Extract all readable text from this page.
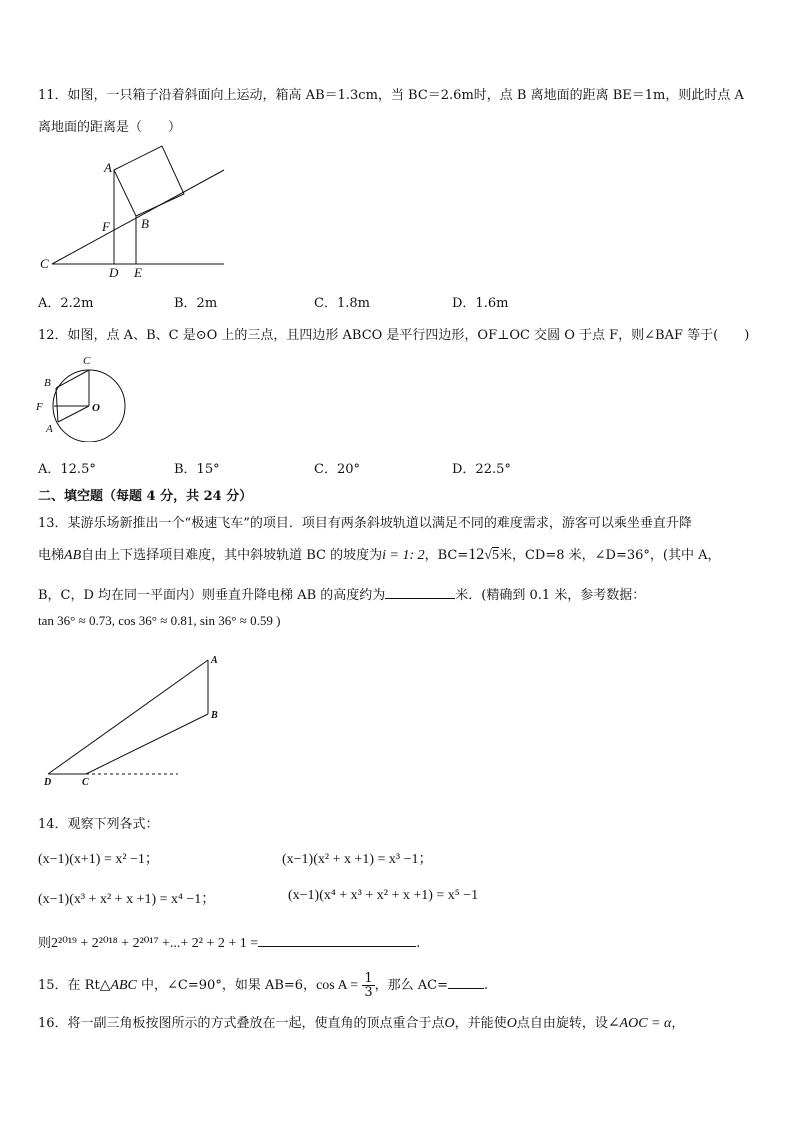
11．如图，一只箱子沿着斜面向上运动，箱高 AB＝1.3cm，当 BC＝2.6m时，点 B 离地面的距离 BE＝1m，则此时点 A
离地面的距离是（　　）
A
B
C
D E
F
A．2.2m	B．2m	C．1.8m	D．1.6m
12．如图，点 A、B、C 是⊙O 上的三点，且四边形 ABCO 是平行四边形，OF⊥OC 交圆 O 于点 F，则∠BAF 等于(　　)
C
B
F
A
O
A．12.5°	B．15°	C．20°	D．22.5°
二、填空题（每题 4 分，共 24 分）
13．某游乐场新推出一个“极速飞车”的项目．项目有两条斜坡轨道以满足不同的难度需求，游客可以乘坐垂直升降
电梯AB自由上下选择项目难度，其中斜坡轨道 BC 的坡度为i = 1: 2，BC=12√5米，CD=8 米，∠D=36°，(其中 A，
B，C，D 均在同一平面内）则垂直升降电梯 AB 的高度约为	米．(精确到 0.1 米，参考数据：
tan 36° ≈ 0.73, cos 36° ≈ 0.81, sin 36° ≈ 0.59 )
A
B
C
D
14．观察下列各式：
(x−1)(x+1) = x² −1；	(x−1)(x² + x +1) = x³ −1；
(x−1)(x³ + x² + x +1) = x⁴ −1；	(x−1)(x⁴ + x³ + x² + x +1) = x⁵ −1
则2²⁰¹⁹ + 2²⁰¹⁸ + 2²⁰¹⁷ +...+ 2² + 2 + 1 =	.
15．在 Rt△ABC 中，∠C=90°，如果 AB=6，$\cos A = \frac{1}{3}$ ，那么 AC=	.
16．将一副三角板按图所示的方式叠放在一起，使直角的顶点重合于点O，并能使O点自由旋转，设∠AOC = α，
